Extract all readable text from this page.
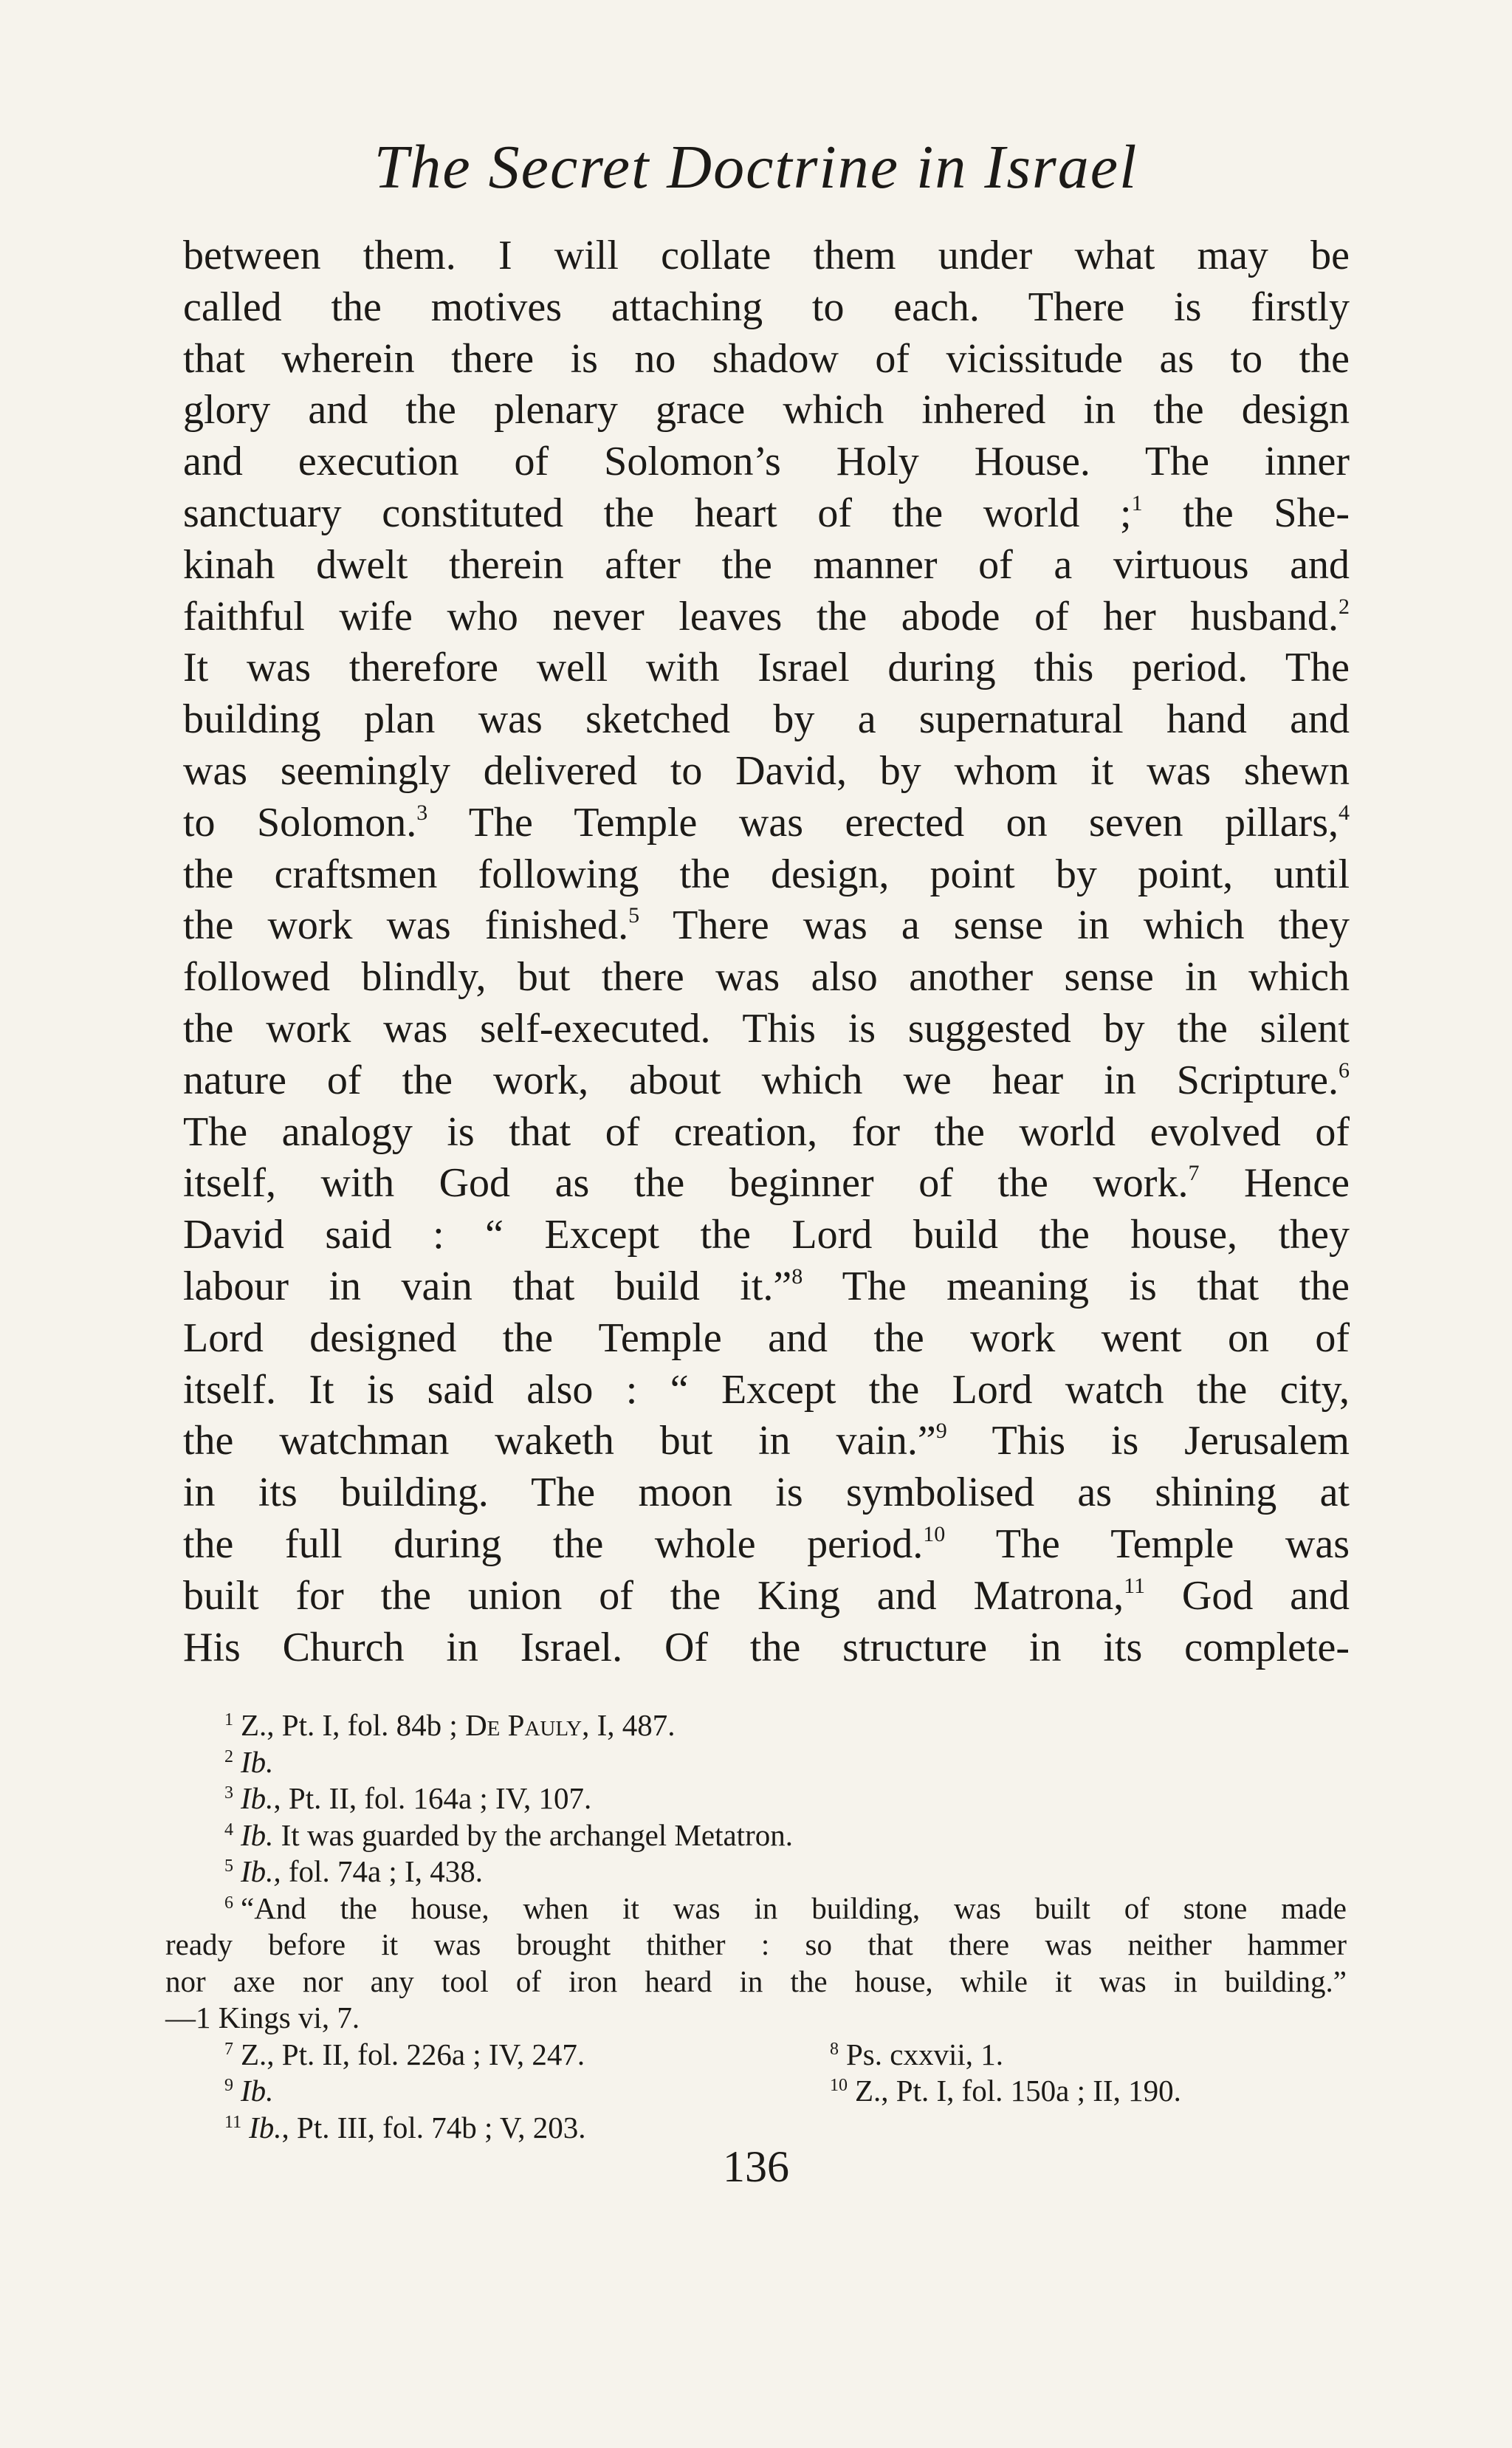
The Secret Doctrine in Israel
between them. I will collate them under what may be
called the motives attaching to each. There is firstly
that wherein there is no shadow of vicissitude as to the
glory and the plenary grace which inhered in the design
and execution of Solomon’s Holy House. The inner
sanctuary constituted the heart of the world ;$^1$ the She-
kinah dwelt therein after the manner of a virtuous and
faithful wife who never leaves the abode of her husband.$^2$
It was therefore well with Israel during this period. The
building plan was sketched by a supernatural hand and
was seemingly delivered to David, by whom it was shewn
to Solomon.$^3$ The Temple was erected on seven pillars,$^4$
the craftsmen following the design, point by point, until
the work was finished.$^5$ There was a sense in which they
followed blindly, but there was also another sense in which
the work was self-executed. This is suggested by the silent
nature of the work, about which we hear in Scripture.$^6$
The analogy is that of creation, for the world evolved of
itself, with God as the beginner of the work.$^7$ Hence
David said : “ Except the Lord build the house, they
labour in vain that build it.”$^8$ The meaning is that the
Lord designed the Temple and the work went on of
itself. It is said also : “ Except the Lord watch the city,
the watchman waketh but in vain.”$^9$ This is Jerusalem
in its building. The moon is symbolised as shining at
the full during the whole period.$^{10}$ The Temple was
built for the union of the King and Matrona,$^{11}$ God and
His Church in Israel. Of the structure in its complete-
$^1$ Z., Pt. I, fol. 84b ; De Pauly, I, 487.
$^2$ Ib.
$^3$ Ib., Pt. II, fol. 164a ; IV, 107.
$^4$ Ib. It was guarded by the archangel Metatron.
$^5$ Ib., fol. 74a ; I, 438.
$^6$ “And the house, when it was in building, was built of stone made
ready before it was brought thither : so that there was neither hammer
nor axe nor any tool of iron heard in the house, while it was in building.”
—1 Kings vi, 7.
$^7$ Z., Pt. II, fol. 226a ; IV, 247.	$^8$ Ps. cxxvii, 1.
$^9$ Ib.	$^{10}$ Z., Pt. I, fol. 150a ; II, 190.
$^{11}$ Ib., Pt. III, fol. 74b ; V, 203.
136
